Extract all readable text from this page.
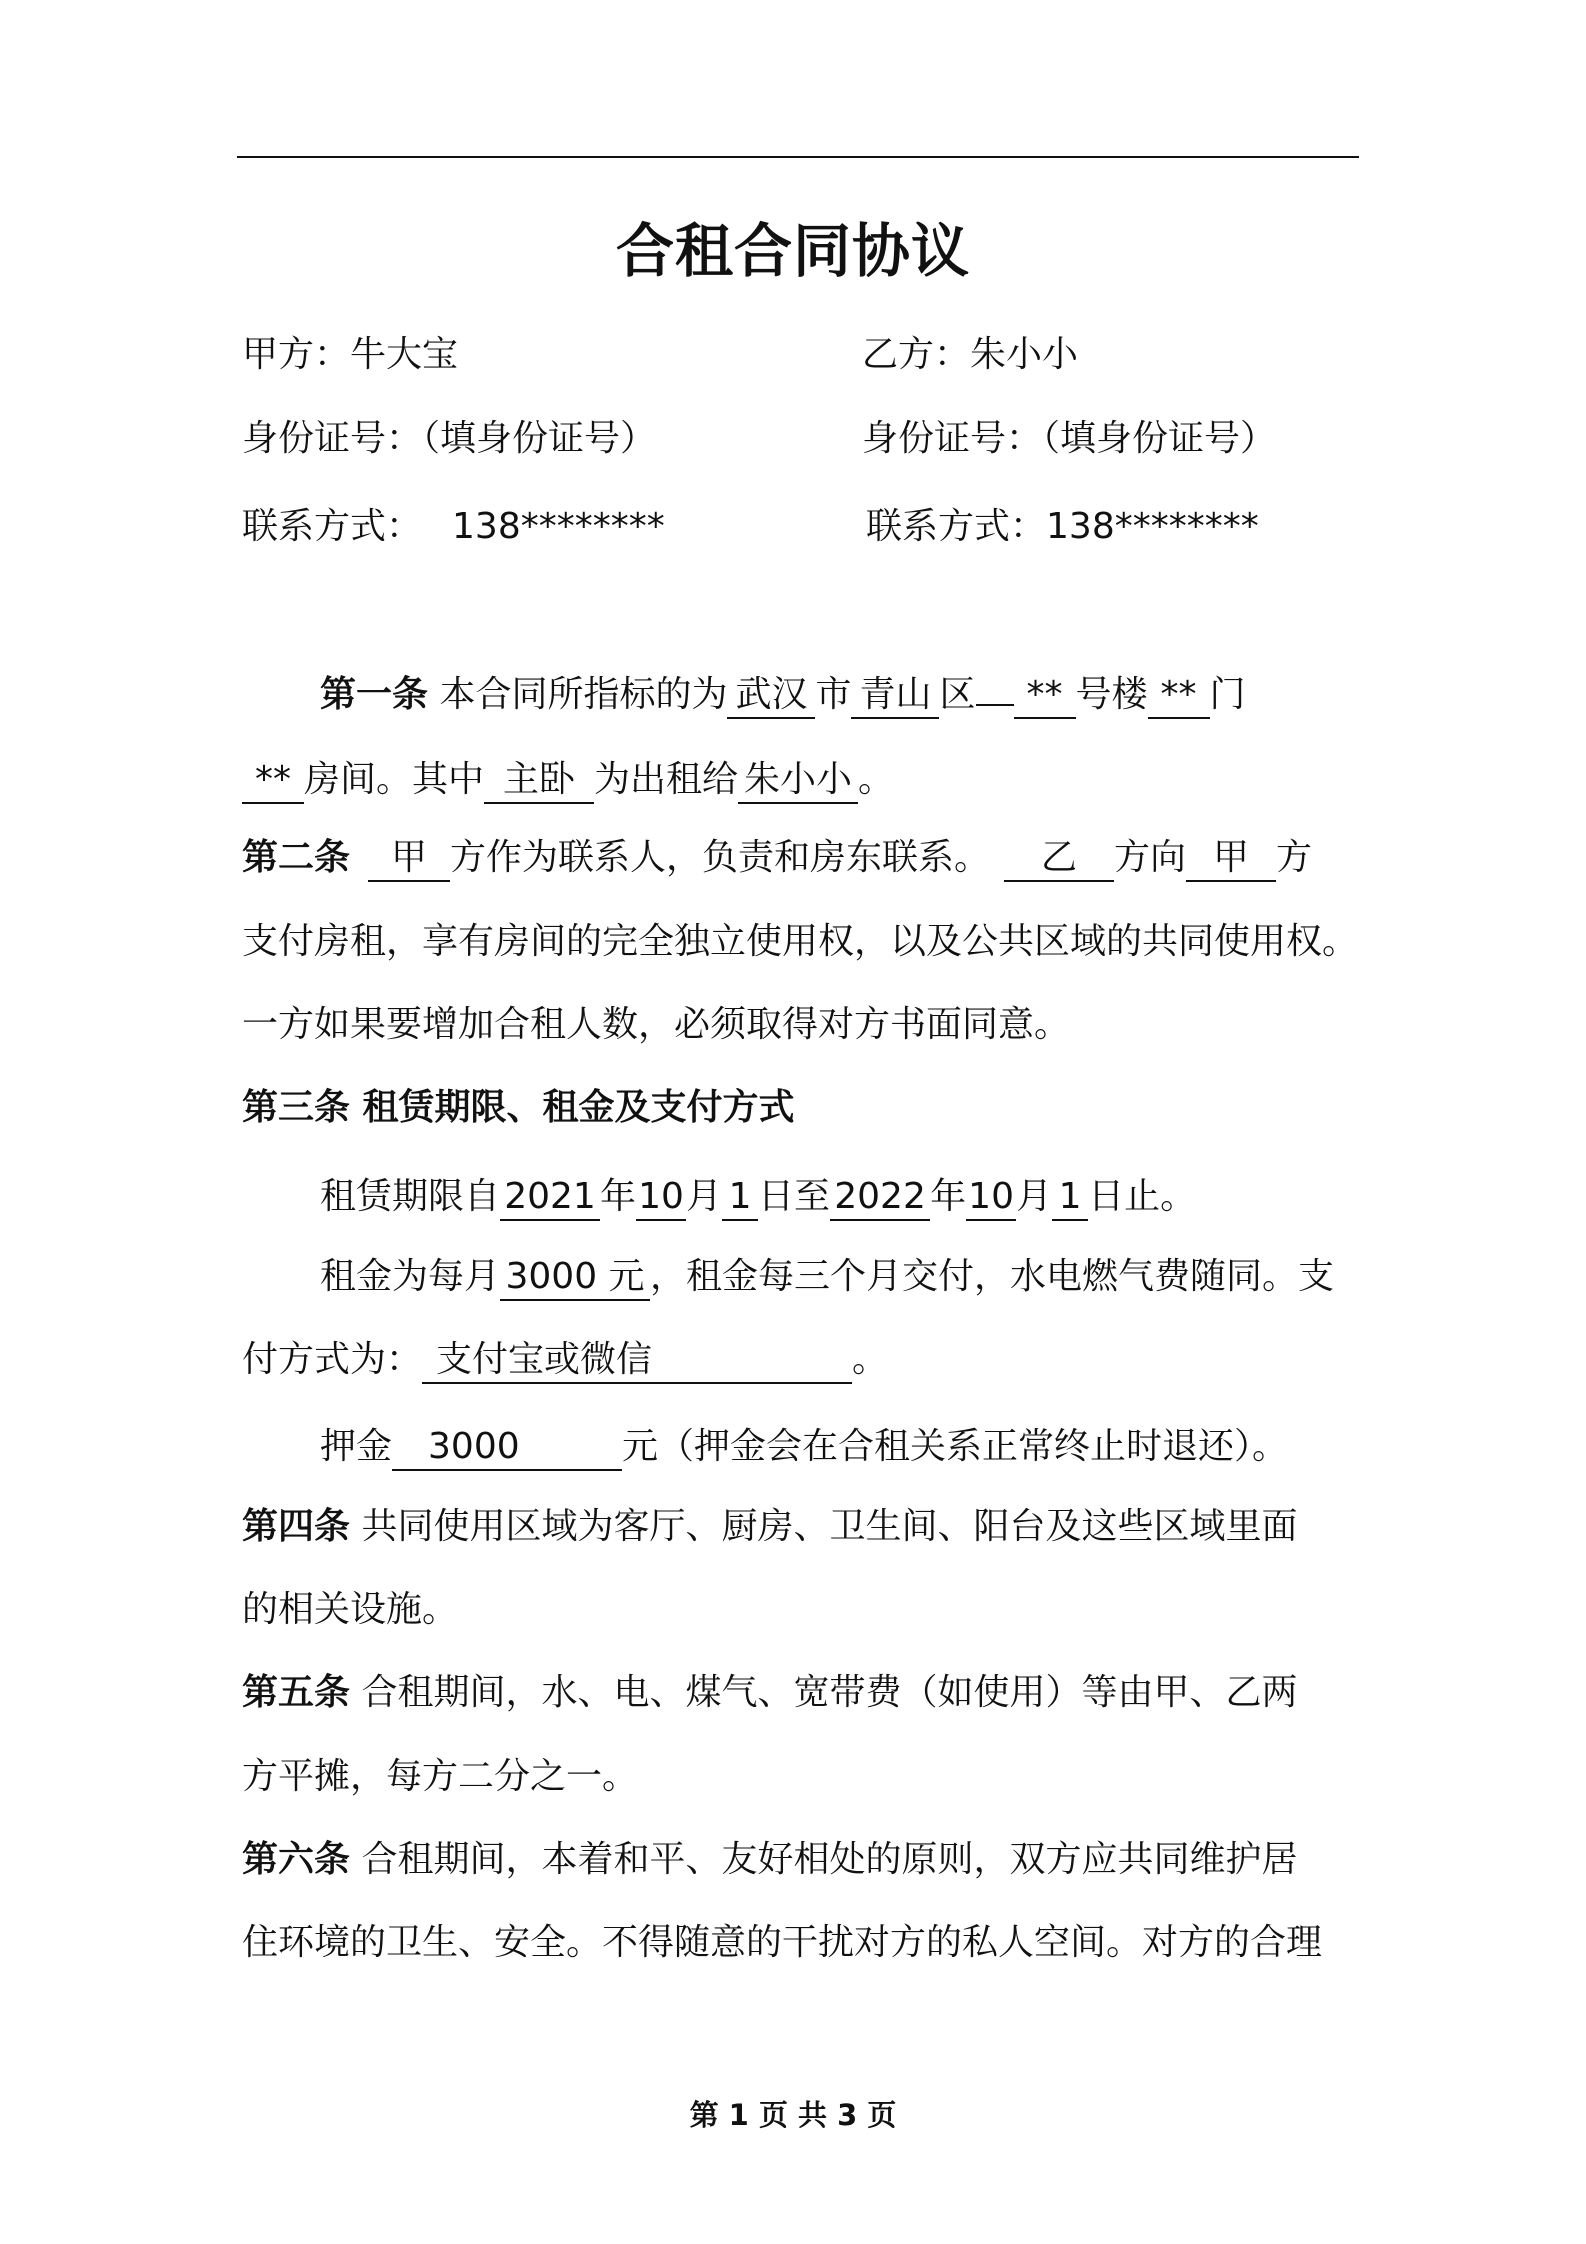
合租合同协议
甲方：牛大宝	乙方：朱小小
身份证号：（填身份证号）	身份证号：（填身份证号）
联系方式： 138********	联系方式：138********
第一条 本合同所指标的为 武汉 市 青山 区 ** 号楼 ** 门
** 房间。其中 主卧 为出租给 朱小小 。
第二条 甲 方作为联系人，负责和房东联系。 乙 方向 甲 方
支付房租，享有房间的完全独立使用权，以及公共区域的共同使用权。
一方如果要增加合租人数，必须取得对方书面同意。
第三条 租赁期限、租金及支付方式
租赁期限自 2021 年10月 1 日至 2022 年10月 1 日止。
租金为每月 3000 元 ，租金每三个月交付，水电燃气费随同。支
付方式为： 支付宝或微信	。
押金 3000	元（押金会在合租关系正常终止时退还）。
第四条 共同使用区域为客厅、厨房、卫生间、阳台及这些区域里面
的相关设施。
第五条 合租期间，水、电、煤气、宽带费（如使用）等由甲、乙两
方平摊，每方二分之一。
第六条 合租期间，本着和平、友好相处的原则，双方应共同维护居
住环境的卫生、安全。不得随意的干扰对方的私人空间。对方的合理
第 1 页 共 3 页
